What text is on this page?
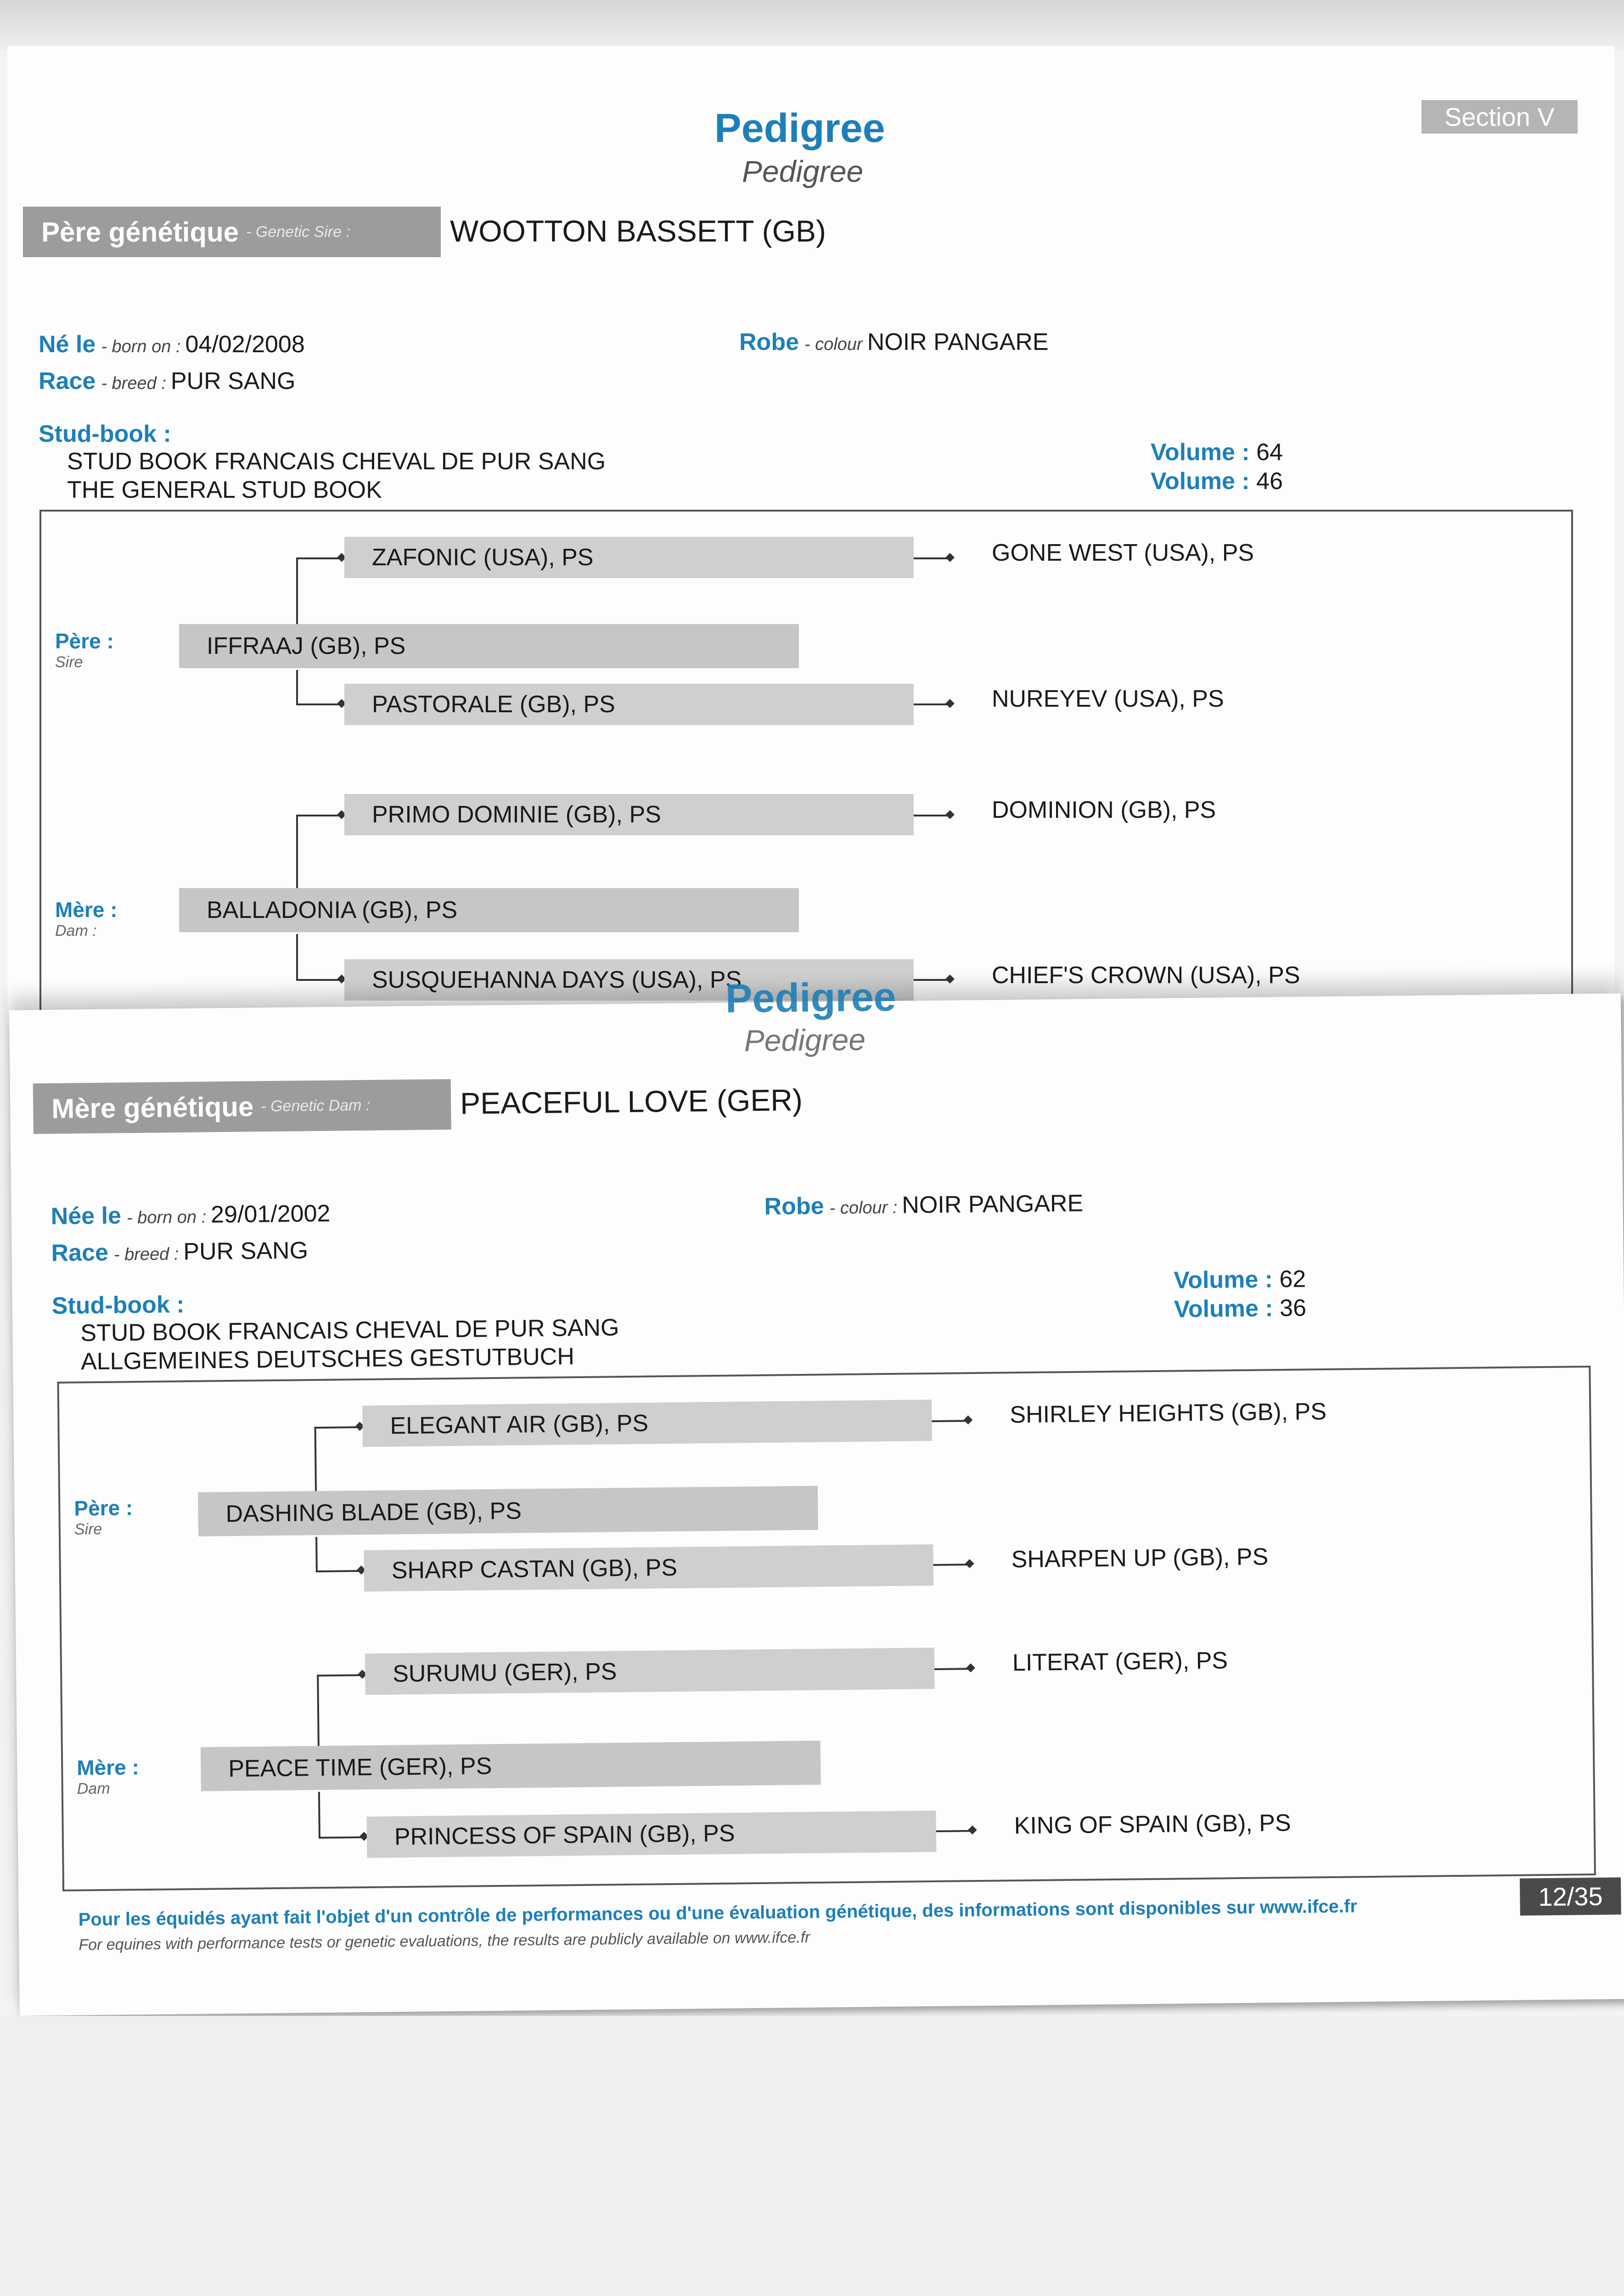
Pedigree
Pedigree
Section V
Père génétique - Genetic Sire :	WOOTTON BASSETT (GB)
Né le - born on : 04/02/2008
Race - breed : PUR SANG
Robe - colour NOIR PANGARE
Stud-book :
STUD BOOK FRANCAIS CHEVAL DE PUR SANG
THE GENERAL STUD BOOK
Volume : 64
Volume : 46
Père :
Sire
Mère :
Dam :
ZAFONIC (USA), PS
IFFRAAJ (GB), PS
PASTORALE (GB), PS
GONE WEST (USA), PS
NUREYEV (USA), PS
PRIMO DOMINIE (GB), PS
BALLADONIA (GB), PS
SUSQUEHANNA DAYS (USA), PS
DOMINION (GB), PS
CHIEF'S CROWN (USA), PS
Pedigree
Pedigree
Mère génétique - Genetic Dam :	PEACEFUL LOVE (GER)
Née le - born on : 29/01/2002
Race - breed : PUR SANG
Robe - colour : NOIR PANGARE
Stud-book :
STUD BOOK FRANCAIS CHEVAL DE PUR SANG
ALLGEMEINES DEUTSCHES GESTUTBUCH
Volume : 62
Volume : 36
Père :
Sire
Mère :
Dam
ELEGANT AIR (GB), PS
DASHING BLADE (GB), PS
SHARP CASTAN (GB), PS
SHIRLEY HEIGHTS (GB), PS
SHARPEN UP (GB), PS
SURUMU (GER), PS
PEACE TIME (GER), PS
PRINCESS OF SPAIN (GB), PS
LITERAT (GER), PS
KING OF SPAIN (GB), PS
Pour les équidés ayant fait l'objet d'un contrôle de performances ou d'une évaluation génétique, des informations sont disponibles sur www.ifce.fr
For equines with performance tests or genetic evaluations, the results are publicly available on www.ifce.fr
12/35
